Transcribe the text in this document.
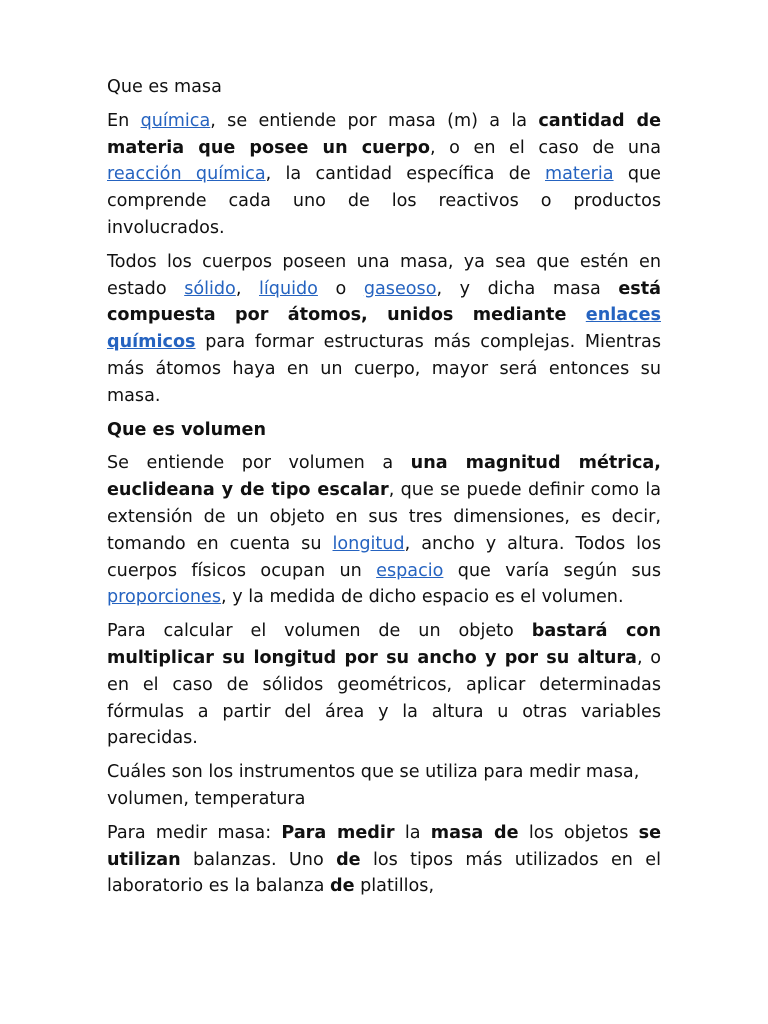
Que es masa

En química, se entiende por masa (m) a la cantidad de materia que posee un cuerpo, o en el caso de una reacción química, la cantidad específica de materia que comprende cada uno de los reactivos o productos involucrados.

Todos los cuerpos poseen una masa, ya sea que estén en estado sólido, líquido o gaseoso, y dicha masa está compuesta por átomos, unidos mediante enlaces químicos para formar estructuras más complejas. Mientras más átomos haya en un cuerpo, mayor será entonces su masa.

Que es volumen

Se entiende por volumen a una magnitud métrica, euclideana y de tipo escalar, que se puede definir como la extensión de un objeto en sus tres dimensiones, es decir, tomando en cuenta su longitud, ancho y altura. Todos los cuerpos físicos ocupan un espacio que varía según sus proporciones, y la medida de dicho espacio es el volumen.

Para calcular el volumen de un objeto bastará con multiplicar su longitud por su ancho y por su altura, o en el caso de sólidos geométricos, aplicar determinadas fórmulas a partir del área y la altura u otras variables parecidas.

Cuáles son los instrumentos que se utiliza para medir masa, volumen, temperatura

Para medir masa: Para medir la masa de los objetos se utilizan balanzas. Uno de los tipos más utilizados en el laboratorio es la balanza de platillos,
